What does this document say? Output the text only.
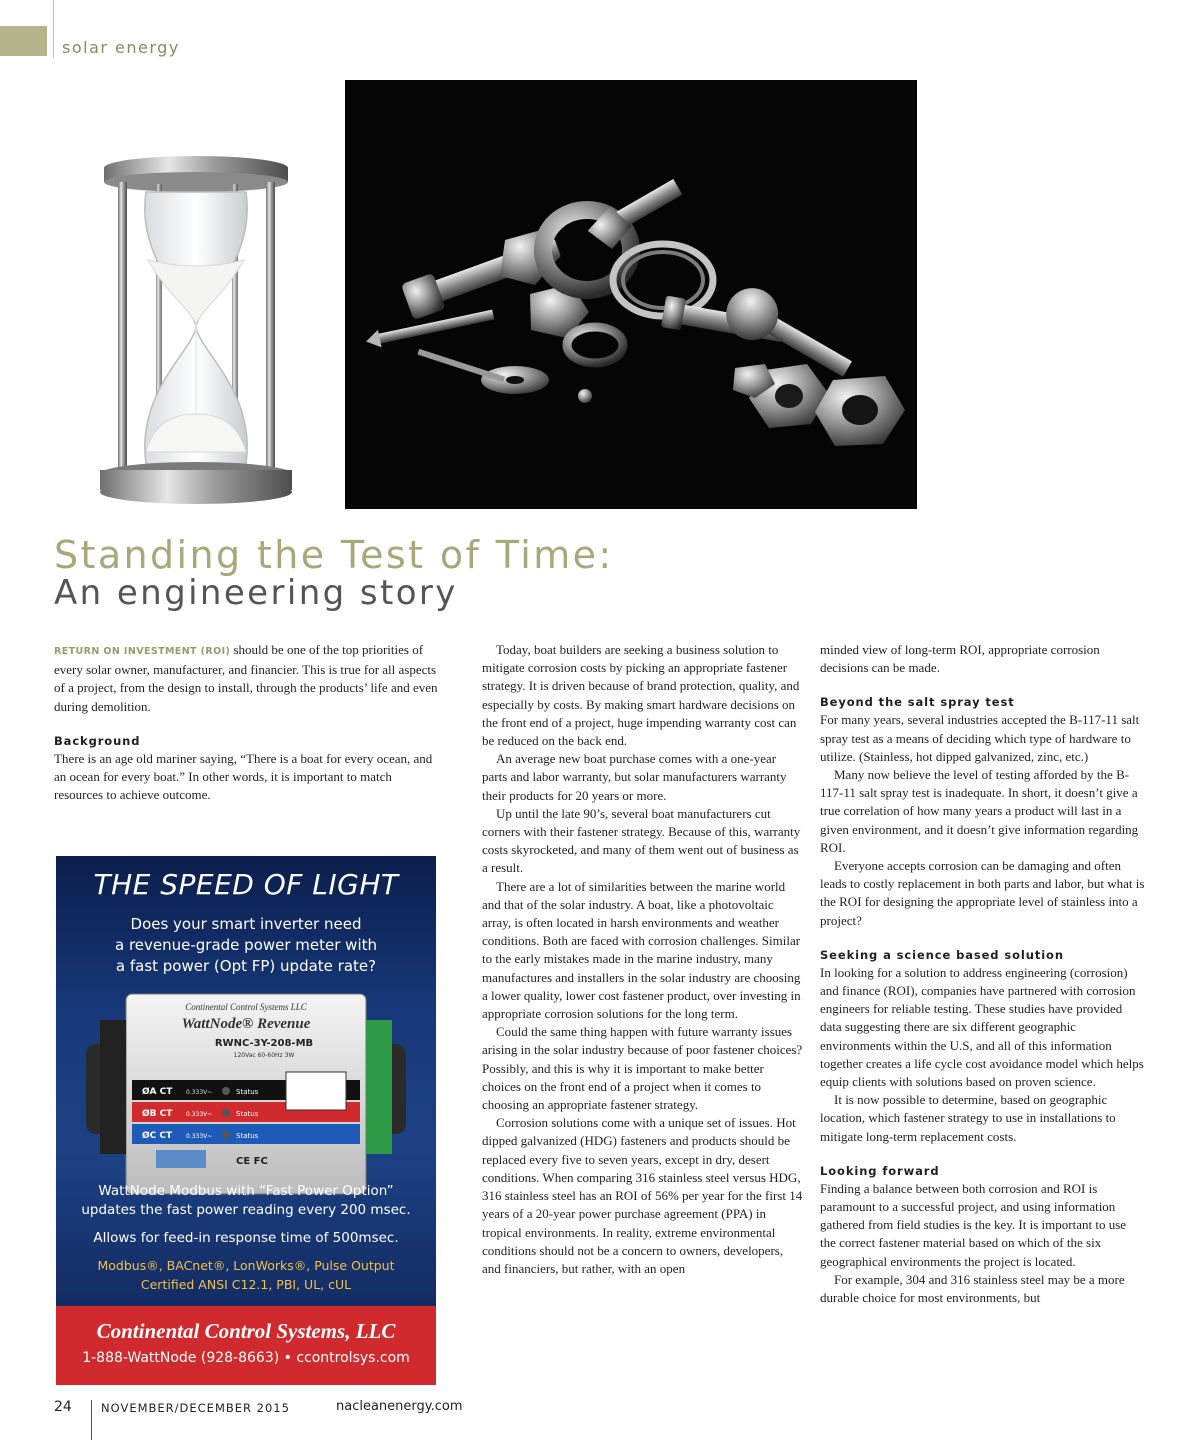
solar energy
Standing the Test of Time:
An engineering story

RETURN ON INVESTMENT (ROI) should be one of the top priorities of every solar owner, manufacturer, and financier. This is true for all aspects of a project, from the design to install, through the products’ life and even during demolition.

Background

There is an age old mariner saying, “There is a boat for every ocean, and an ocean for every boat.” In other words, it is important to match resources to achieve outcome.

Today, boat builders are seeking a business solution to mitigate corrosion costs by picking an appropriate fastener strategy. It is driven because of brand protection, quality, and especially by costs. By making smart hardware decisions on the front end of a project, huge impending warranty cost can be reduced on the back end.

An average new boat purchase comes with a one-year parts and labor warranty, but solar manufacturers warranty their products for 20 years or more.

Up until the late 90’s, several boat manufacturers cut corners with their fastener strategy. Because of this, warranty costs skyrocketed, and many of them went out of business as a result.

There are a lot of similarities between the marine world and that of the solar industry. A boat, like a photovoltaic array, is often located in harsh environments and weather conditions. Both are faced with corrosion challenges. Similar to the early mistakes made in the marine industry, many manufactures and installers in the solar industry are choosing a lower quality, lower cost fastener product, over investing in appropriate corrosion solutions for the long term.

Could the same thing happen with future warranty issues arising in the solar industry because of poor fastener choices? Possibly, and this is why it is important to make better choices on the front end of a project when it comes to choosing an appropriate fastener strategy.

Corrosion solutions come with a unique set of issues. Hot dipped galvanized (HDG) fasteners and products should be replaced every five to seven years, except in dry, desert conditions. When comparing 316 stainless steel versus HDG, 316 stainless steel has an ROI of 56% per year for the first 14 years of a 20-year power purchase agreement (PPA) in tropical environments. In reality, extreme environmental conditions should not be a concern to owners, developers, and financiers, but rather, with an open

minded view of long-term ROI, appropriate corrosion decisions can be made.

Beyond the salt spray test

For many years, several industries accepted the B-117-11 salt spray test as a means of deciding which type of hardware to utilize. (Stainless, hot dipped galvanized, zinc, etc.)

Many now believe the level of testing afforded by the B-117-11 salt spray test is inadequate. In short, it doesn’t give a true correlation of how many years a product will last in a given environment, and it doesn’t give information regarding ROI.

Everyone accepts corrosion can be damaging and often leads to costly replacement in both parts and labor, but what is the ROI for designing the appropriate level of stainless into a project?

Seeking a science based solution

In looking for a solution to address engineering (corrosion) and finance (ROI), companies have partnered with corrosion engineers for reliable testing. These studies have provided data suggesting there are six different geographic environments within the U.S, and all of this information together creates a life cycle cost avoidance model which helps equip clients with solutions based on proven science.

It is now possible to determine, based on geographic location, which fastener strategy to use in installations to mitigate long-term replacement costs.

Looking forward

Finding a balance between both corrosion and ROI is paramount to a successful project, and using information gathered from field studies is the key. It is important to use the correct fastener material based on which of the six geographical environments the project is located.

For example, 304 and 316 stainless steel may be a more durable choice for most environments, but

THE SPEED OF LIGHT
Does your smart inverter need
a revenue-grade power meter with
a fast power (Opt FP) update rate?
Continental Control Systems LLC
WattNode® Revenue
RWNC-3Y-208-MB
120Vac 60-60Hz 3W
ØA CT
ØB CT
ØC CT
0.333V~
0.333V~
0.333V~
Status
Status
Status
CE FC
WattNode Modbus with “Fast Power Option”
updates the fast power reading every 200 msec.
Allows for feed-in response time of 500msec.
Modbus®, BACnet®, LonWorks®, Pulse Output
Certified ANSI C12.1, PBI, UL, cUL
Continental Control Systems, LLC
1-888-WattNode (928-8663) • ccontrolsys.com
24	NOVEMBER/DECEMBER 2015	nacleanenergy.com
